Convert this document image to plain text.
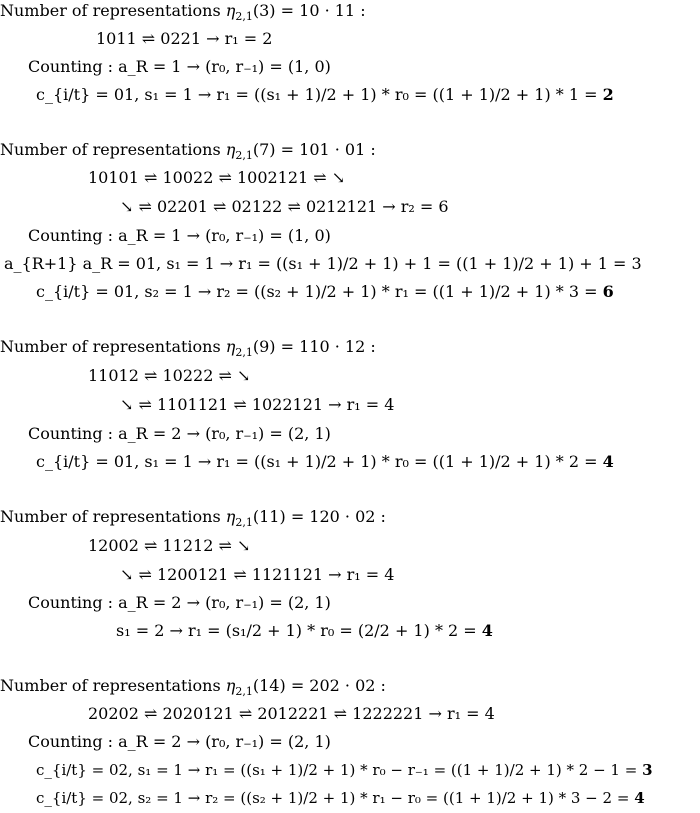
Number of representations $\eta_{2,1}(3) = 10 \cdot 11$ :
1011 ⇌ 0221 → r₁ = 2
Counting : a_R = 1 → (r₀, r₋₁) = (1, 0)
c_{i/t} = 01, s₁ = 1 → r₁ = ((s₁ + 1)/2 + 1) * r₀ = ((1 + 1)/2 + 1) * 1 = 2
Number of representations $\eta_{2,1}(7) = 101 \cdot 01$ :
10101 ⇌ 10022 ⇌ 1002121 ⇌ ↘
↘ ⇌ 02201 ⇌ 02122 ⇌ 0212121 → r₂ = 6
Counting : a_R = 1 → (r₀, r₋₁) = (1, 0)
a_{R+1} a_R = 01, s₁ = 1 → r₁ = ((s₁ + 1)/2 + 1) + 1 = ((1 + 1)/2 + 1) + 1 = 3
c_{i/t} = 01, s₂ = 1 → r₂ = ((s₂ + 1)/2 + 1) * r₁ = ((1 + 1)/2 + 1) * 3 = 6
Number of representations $\eta_{2,1}(9) = 110 \cdot 12$ :
11012 ⇌ 10222 ⇌ ↘
↘ ⇌ 1101121 ⇌ 1022121 → r₁ = 4
Counting : a_R = 2 → (r₀, r₋₁) = (2, 1)
c_{i/t} = 01, s₁ = 1 → r₁ = ((s₁ + 1)/2 + 1) * r₀ = ((1 + 1)/2 + 1) * 2 = 4
Number of representations $\eta_{2,1}(11) = 120 \cdot 02$ :
12002 ⇌ 11212 ⇌ ↘
↘ ⇌ 1200121 ⇌ 1121121 → r₁ = 4
Counting : a_R = 2 → (r₀, r₋₁) = (2, 1)
s₁ = 2 → r₁ = (s₁/2 + 1) * r₀ = (2/2 + 1) * 2 = 4
Number of representations $\eta_{2,1}(14) = 202 \cdot 02$ :
20202 ⇌ 2020121 ⇌ 2012221 ⇌ 1222221 → r₁ = 4
Counting : a_R = 2 → (r₀, r₋₁) = (2, 1)
c_{i/t} = 02, s₁ = 1 → r₁ = ((s₁ + 1)/2 + 1) * r₀ − r₋₁ = ((1 + 1)/2 + 1) * 2 − 1 = 3
c_{i/t} = 02, s₂ = 1 → r₂ = ((s₂ + 1)/2 + 1) * r₁ − r₀ = ((1 + 1)/2 + 1) * 3 − 2 = 4
